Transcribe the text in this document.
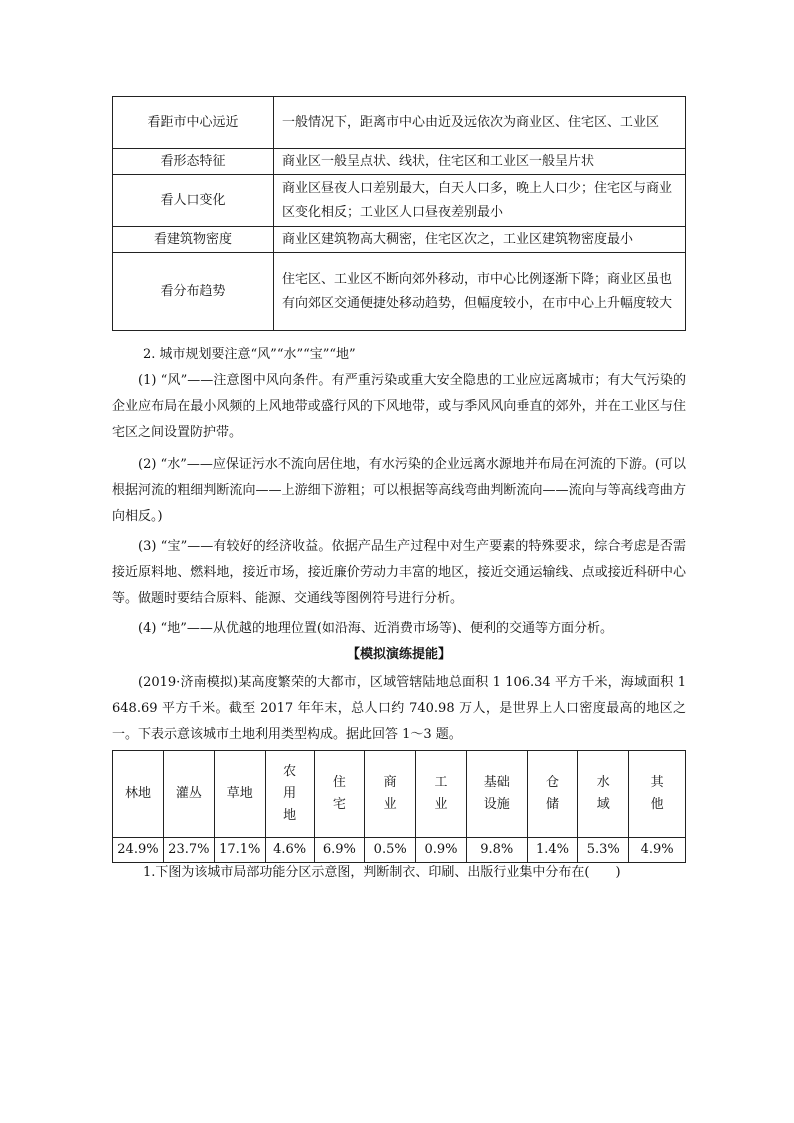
看距市中心远近	一般情况下，距离市中心由近及远依次为商业区、住宅区、工业区
看形态特征	商业区一般呈点状、线状，住宅区和工业区一般呈片状
看人口变化	商业区昼夜人口差别最大，白天人口多，晚上人口少；住宅区与商业区变化相反；工业区人口昼夜差别最小
看建筑物密度	商业区建筑物高大稠密，住宅区次之，工业区建筑物密度最小
看分布趋势	住宅区、工业区不断向郊外移动，市中心比例逐渐下降；商业区虽也有向郊区交通便捷处移动趋势，但幅度较小，在市中心上升幅度较大

2. 城市规划要注意“风”“水”“宝”“地”

(1) “风”——注意图中风向条件。有严重污染或重大安全隐患的工业应远离城市；有大气污染的企业应布局在最小风频的上风地带或盛行风的下风地带，或与季风风向垂直的郊外，并在工业区与住宅区之间设置防护带。

(2) “水”——应保证污水不流向居住地，有水污染的企业远离水源地并布局在河流的下游。(可以根据河流的粗细判断流向——上游细下游粗；可以根据等高线弯曲判断流向——流向与等高线弯曲方向相反。)

(3) “宝”——有较好的经济收益。依据产品生产过程中对生产要素的特殊要求，综合考虑是否需接近原料地、燃料地，接近市场，接近廉价劳动力丰富的地区，接近交通运输线、点或接近科研中心等。做题时要结合原料、能源、交通线等图例符号进行分析。

(4) “地”——从优越的地理位置(如沿海、近消费市场等)、便利的交通等方面分析。

【模拟演练提能】

(2019·济南模拟)某高度繁荣的大都市，区域管辖陆地总面积 1 106.34 平方千米，海域面积 1 648.69 平方千米。截至 2017 年年末，总人口约 740.98 万人，是世界上人口密度最高的地区之一。下表示意该城市土地利用类型构成。据此回答 1～3 题。

林地	灌丛	草地	农用地	住宅	商业	工业	基础设施	仓储	水域	其他
24.9%	23.7%	17.1%	4.6%	6.9%	0.5%	0.9%	9.8%	1.4%	5.3%	4.9%

1.下图为该城市局部功能分区示意图，判断制衣、印刷、出版行业集中分布在(　　)
